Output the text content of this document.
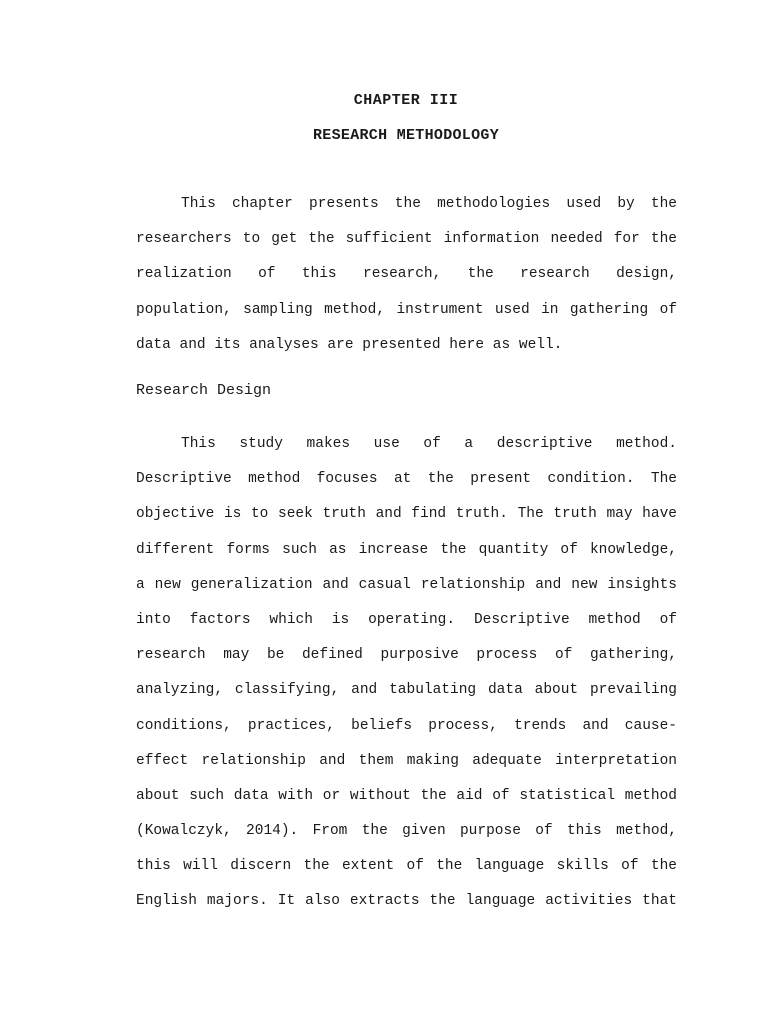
CHAPTER III
RESEARCH METHODOLOGY
This chapter presents the methodologies used by the
researchers to get the sufficient information needed for the
realization of this research, the research design,
population, sampling method, instrument used in gathering of
data and its analyses are presented here as well.
Research Design
This study makes use of a descriptive method.
Descriptive method focuses at the present condition. The
objective is to seek truth and find truth. The truth may have
different forms such as increase the quantity of knowledge,
a new generalization and casual relationship and new insights
into factors which is operating. Descriptive method of
research may be defined purposive process of gathering,
analyzing, classifying, and tabulating data about prevailing
conditions, practices, beliefs process, trends and cause-
effect relationship and them making adequate interpretation
about such data with or without the aid of statistical method
(Kowalczyk, 2014). From the given purpose of this method,
this will discern the extent of the language skills of the
English majors. It also extracts the language activities that
